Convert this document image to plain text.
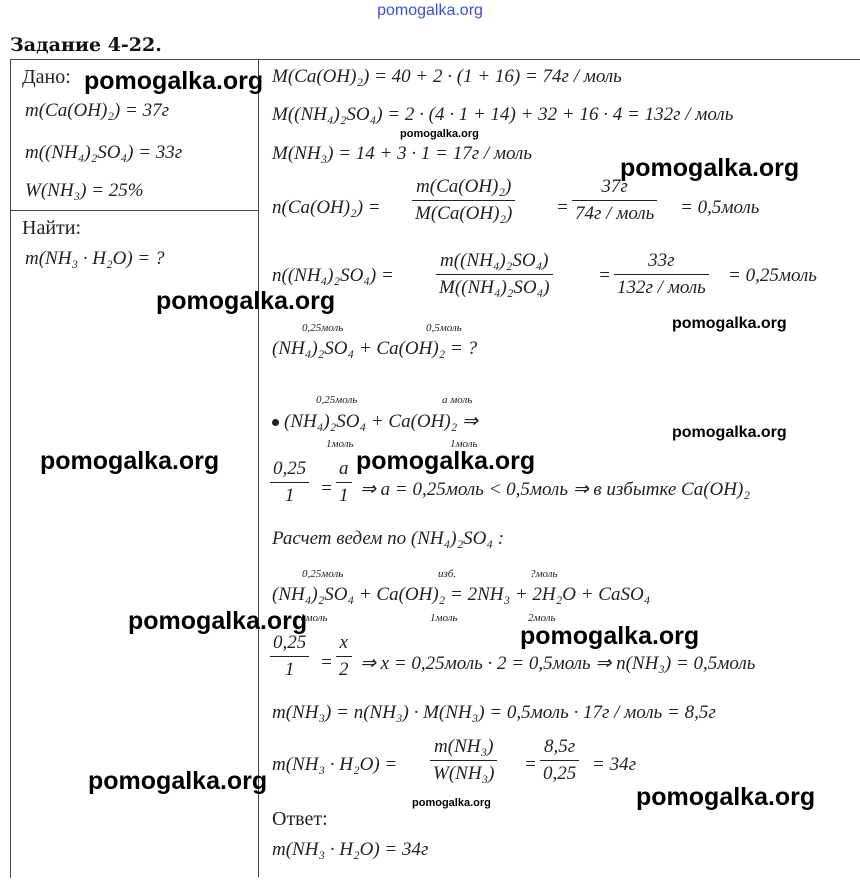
pomogalka.org
Задание 4-22.
Дано:
m(Ca(OH)₂) = 37г
m((NH₄)₂SO₄) = 33г
W(NH₃) = 25%
Найти:
m(NH₃ · H₂O) = ?
M(Ca(OH)₂) = 40 + 2 · (1 + 16) = 74г / моль
M((NH₄)₂SO₄) = 2 · (4 · 1 + 14) + 32 + 16 · 4 = 132г / моль
M(NH₃) = 14 + 3 · 1 = 17г / моль
$n(Ca(OH)_2) = \frac{\text{m(Ca(OH)₂)}}{\text{M(Ca(OH)₂)}}$ =
37г
74г / моль = 0,5моль
$n((NH_4)_2SO_4) = \frac{\text{m((NH₄)₂SO₄)}}{\text{M((NH₄)₂SO₄)}}$ =
33г
132г / моль
= 0,25моль
0,25моль	0,5моль
(NH₄)₂SO₄ + Ca(OH)₂ = ?
0,25моль	а моль
(NH₄)₂SO₄ + Ca(OH)₂ ⇒
1моль	1моль
$\frac{0,25}{1}$ =
а
1 ⇒ а = 0,25моль < 0,5моль ⇒ в избытке Ca(OH)₂
Расчет ведем по (NH₄)₂SO₄ :
0,25моль	изб.	?моль
(NH₄)₂SO₄ + Ca(OH)₂ = 2NH₃ + 2H₂O + CaSO₄
1моль	1моль	2моль
$\frac{0,25}{1} = \frac{x}{2}$ ⇒ x = 0,25моль · 2 = 0,5моль ⇒ n(NH₃) = 0,5моль
m(NH₃) = n(NH₃) · M(NH₃) = 0,5моль · 17г / моль = 8,5г
$m(NH_3 \cdot H_2O) = \frac{\text{m(NH₃)}}{\text{W(NH₃)}}$ =
8,5г
0,25 = 34г
Ответ:
m(NH₃ · H₂O) = 34г
pomogalka.org
pomogalka.org
pomogalka.org
pomogalka.org
pomogalka.org
pomogalka.org
pomogalka.org	pomogalka.org
pomogalka.org
pomogalka.org
pomogalka.org
pomogalka.org	pomogalka.org
